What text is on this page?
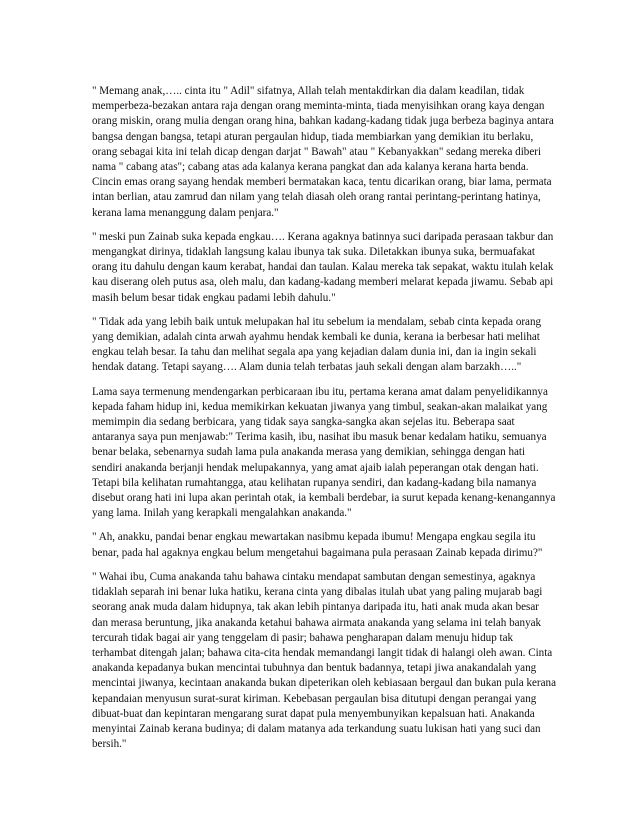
" Memang anak,….. cinta itu " Adil" sifatnya, Allah telah mentakdirkan dia dalam keadilan, tidak memperbeza-bezakan antara raja dengan orang meminta-minta, tiada menyisihkan orang kaya dengan orang miskin, orang mulia dengan orang hina, bahkan kadang-kadang tidak juga berbeza baginya antara bangsa dengan bangsa, tetapi aturan pergaulan hidup, tiada membiarkan yang demikian itu berlaku, orang sebagai kita ini telah dicap dengan darjat " Bawah" atau " Kebanyakkan" sedang mereka diberi nama " cabang atas"; cabang atas ada kalanya kerana pangkat dan ada kalanya kerana harta benda. Cincin emas orang sayang hendak memberi bermatakan kaca, tentu dicarikan orang, biar lama, permata intan berlian, atau zamrud dan nilam yang telah diasah oleh orang rantai perintang-perintang hatinya, kerana lama menanggung dalam penjara."

" meski pun Zainab suka kepada engkau…. Kerana agaknya batinnya suci daripada perasaan takbur dan mengangkat dirinya, tidaklah langsung kalau ibunya tak suka. Diletakkan ibunya suka, bermuafakat orang itu dahulu dengan kaum kerabat, handai dan taulan. Kalau mereka tak sepakat, waktu itulah kelak kau diserang oleh putus asa, oleh malu, dan kadang-kadang memberi melarat kepada jiwamu. Sebab api masih belum besar tidak engkau padami lebih dahulu."

" Tidak ada yang lebih baik untuk melupakan hal itu sebelum ia mendalam, sebab cinta kepada orang yang demikian, adalah cinta arwah ayahmu hendak kembali ke dunia, kerana ia berbesar hati melihat engkau telah besar. Ia tahu dan melihat segala apa yang kejadian dalam dunia ini, dan ia ingin sekali hendak datang. Tetapi sayang…. Alam dunia telah terbatas jauh sekali dengan alam barzakh….."

Lama saya termenung mendengarkan perbicaraan ibu itu, pertama kerana amat dalam penyelidikannya kepada faham hidup ini, kedua memikirkan kekuatan jiwanya yang timbul, seakan-akan malaikat yang memimpin dia sedang berbicara, yang tidak saya sangka-sangka akan sejelas itu. Beberapa saat antaranya saya pun menjawab:" Terima kasih, ibu, nasihat ibu masuk benar kedalam hatiku, semuanya benar belaka, sebenarnya sudah lama pula anakanda merasa yang demikian, sehingga dengan hati sendiri anakanda berjanji hendak melupakannya, yang amat ajaib ialah peperangan otak dengan hati. Tetapi bila kelihatan rumahtangga, atau kelihatan rupanya sendiri, dan kadang-kadang bila namanya disebut orang hati ini lupa akan perintah otak, ia kembali berdebar, ia surut kepada kenang-kenangannya yang lama. Inilah yang kerapkali mengalahkan anakanda."

" Ah, anakku, pandai benar engkau mewartakan nasibmu kepada ibumu! Mengapa engkau segila itu benar, pada hal agaknya engkau belum mengetahui bagaimana pula perasaan Zainab kepada dirimu?"

" Wahai ibu, Cuma anakanda tahu bahawa cintaku mendapat sambutan dengan semestinya, agaknya tidaklah separah ini benar luka hatiku, kerana cinta yang dibalas itulah ubat yang paling mujarab bagi seorang anak muda dalam hidupnya, tak akan lebih pintanya daripada itu, hati anak muda akan besar dan merasa beruntung, jika anakanda ketahui bahawa airmata anakanda yang selama ini telah banyak tercurah tidak bagai air yang tenggelam di pasir; bahawa pengharapan dalam menuju hidup tak terhambat ditengah jalan; bahawa cita-cita hendak memandangi langit tidak di halangi oleh awan. Cinta anakanda kepadanya bukan mencintai tubuhnya dan bentuk badannya, tetapi jiwa anakandalah yang mencintai jiwanya, kecintaan anakanda bukan dipeterikan oleh kebiasaan bergaul dan bukan pula kerana kepandaian menyusun surat-surat kiriman. Kebebasan pergaulan bisa ditutupi dengan perangai yang dibuat-buat dan kepintaran mengarang surat dapat pula menyembunyikan kepalsuan hati. Anakanda menyintai Zainab kerana budinya; di dalam matanya ada terkandung suatu lukisan hati yang suci dan bersih."
